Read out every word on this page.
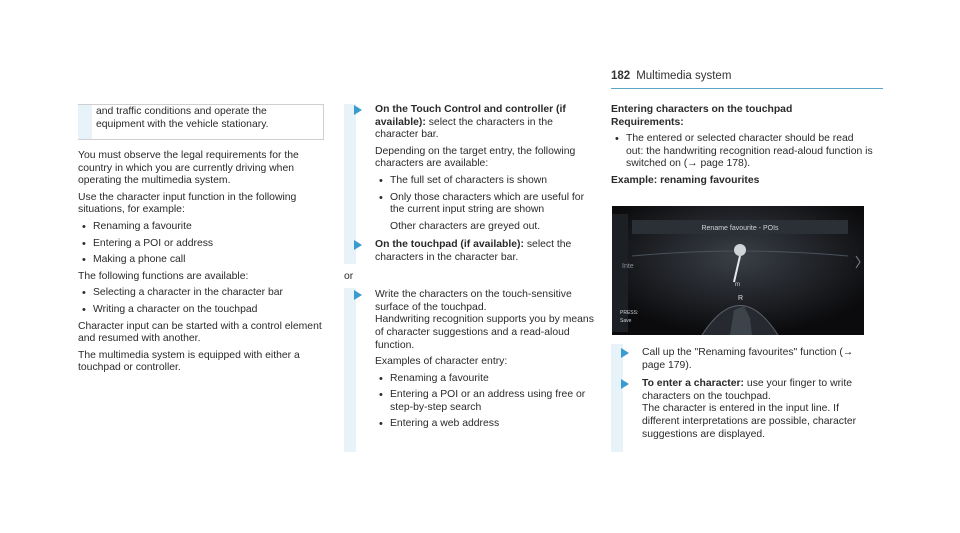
182 Multimedia system
and traffic conditions and operate the equipment with the vehicle stationary.

You must observe the legal requirements for the country in which you are currently driving when operating the multimedia system.

Use the character input function in the following situations, for example:

• Renaming a favourite
• Entering a POI or address
• Making a phone call

The following functions are available:

• Selecting a character in the character bar
• Writing a character on the touchpad

Character input can be started with a control element and resumed with another.

The multimedia system is equipped with either a touchpad or controller.

On the Touch Control and controller (if available): select the characters in the character bar.

Depending on the target entry, the following characters are available:

• The full set of characters is shown
• Only those characters which are useful for the current input string are shown

Other characters are greyed out.

On the touchpad (if available): select the characters in the character bar.

or

Write the characters on the touch-sensitive surface of the touchpad.

Handwriting recognition supports you by means of character suggestions and a read-aloud function.

Examples of character entry:

• Renaming a favourite
• Entering a POI or an address using free or step-by-step search
• Entering a web address

Entering characters on the touchpad

Requirements:

• The entered or selected character should be read out: the handwriting recognition read-aloud function is switched on (→ page 178).

Example: renaming favourites

Rename favourite - POIs
Inte
m
R
PRESS:
Save

Call up the "Renaming favourites" function (→ page 179).

To enter a character: use your finger to write characters on the touchpad.

The character is entered in the input line. If different interpretations are possible, character suggestions are displayed.
